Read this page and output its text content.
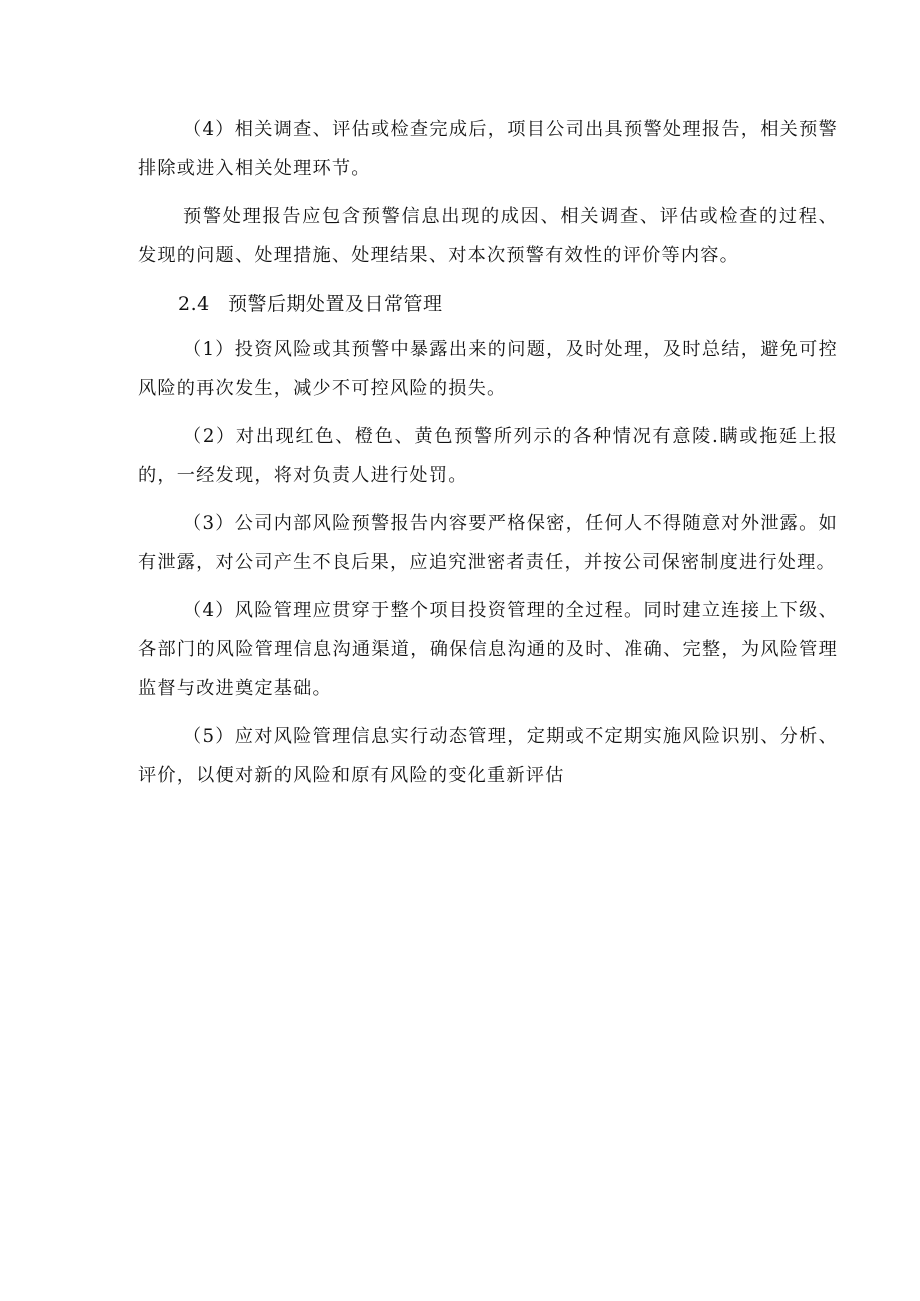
（4）相关调查、评估或检查完成后，项目公司出具预警处理报告，相关预警排除或进入相关处理环节。

预警处理报告应包含预警信息出现的成因、相关调查、评估或检查的过程、发现的问题、处理措施、处理结果、对本次预警有效性的评价等内容。

2.4 预警后期处置及日常管理

（1）投资风险或其预警中暴露出来的问题，及时处理，及时总结，避免可控风险的再次发生，减少不可控风险的损失。

（2）对出现红色、橙色、黄色预警所列示的各种情况有意陵.瞒或拖延上报的，一经发现，将对负责人进行处罚。

（3）公司内部风险预警报告内容要严格保密，任何人不得随意对外泄露。如有泄露，对公司产生不良后果，应追究泄密者责任，并按公司保密制度进行处理。

（4）风险管理应贯穿于整个项目投资管理的全过程。同时建立连接上下级、各部门的风险管理信息沟通渠道，确保信息沟通的及时、准确、完整，为风险管理监督与改进奠定基础。

（5）应对风险管理信息实行动态管理，定期或不定期实施风险识别、分析、评价，以便对新的风险和原有风险的变化重新评估
